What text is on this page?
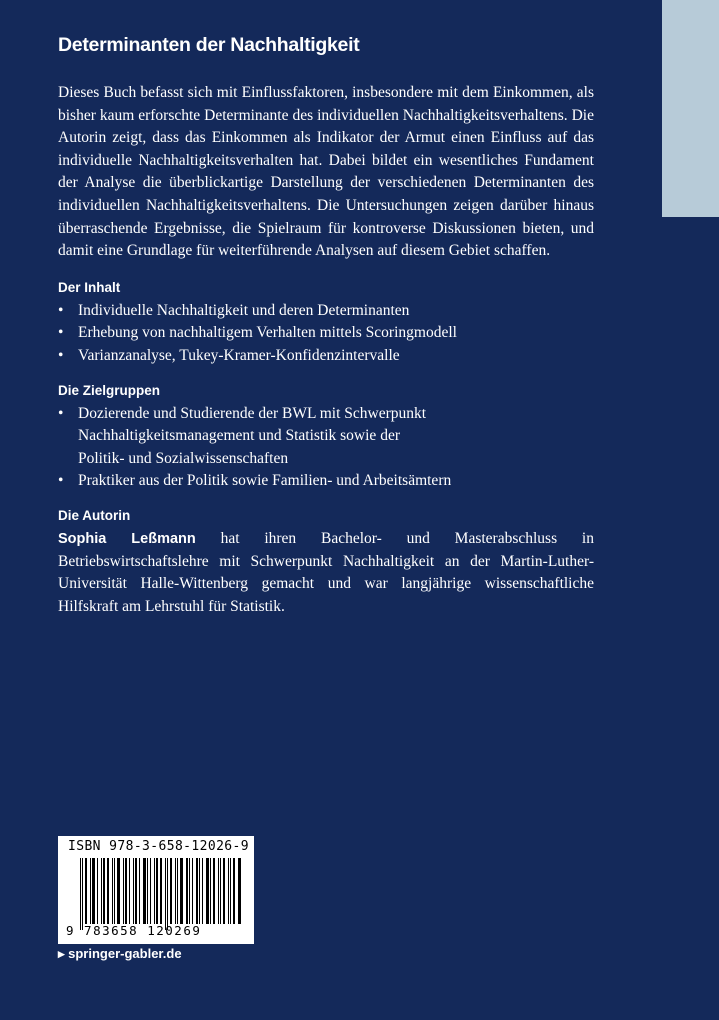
Determinanten der Nachhaltigkeit

Dieses Buch befasst sich mit Einflussfaktoren, insbesondere mit dem Einkommen, als bisher kaum erforschte Determinante des individuellen Nachhaltigkeitsverhaltens. Die Autorin zeigt, dass das Einkommen als Indikator der Armut einen Einfluss auf das individuelle Nachhaltigkeitsverhalten hat. Dabei bildet ein wesentliches Fundament der Analyse die überblickartige Darstellung der verschiedenen Determinanten des individuellen Nachhaltigkeitsverhaltens. Die Untersuchungen zeigen darüber hinaus überraschende Ergebnisse, die Spielraum für kontroverse Diskussionen bieten, und damit eine Grundlage für weiterführende Analysen auf diesem Gebiet schaffen.

Der Inhalt

• Individuelle Nachhaltigkeit und deren Determinanten
• Erhebung von nachhaltigem Verhalten mittels Scoringmodell
• Varianzanalyse, Tukey-Kramer-Konfidenzintervalle

Die Zielgruppen

• Dozierende und Studierende der BWL mit Schwerpunkt Nachhaltigkeitsmanagement und Statistik sowie der Politik- und Sozialwissenschaften
• Praktiker aus der Politik sowie Familien- und Arbeitsämtern

Die Autorin

Sophia Leßmann hat ihren Bachelor- und Masterabschluss in Betriebswirtschaftslehre mit Schwerpunkt Nachhaltigkeit an der Martin-Luther-Universität Halle-Wittenberg gemacht und war langjährige wissenschaftliche Hilfskraft am Lehrstuhl für Statistik.

ISBN 978-3-658-12026-9
9 783658 120269
▸ springer-gabler.de
